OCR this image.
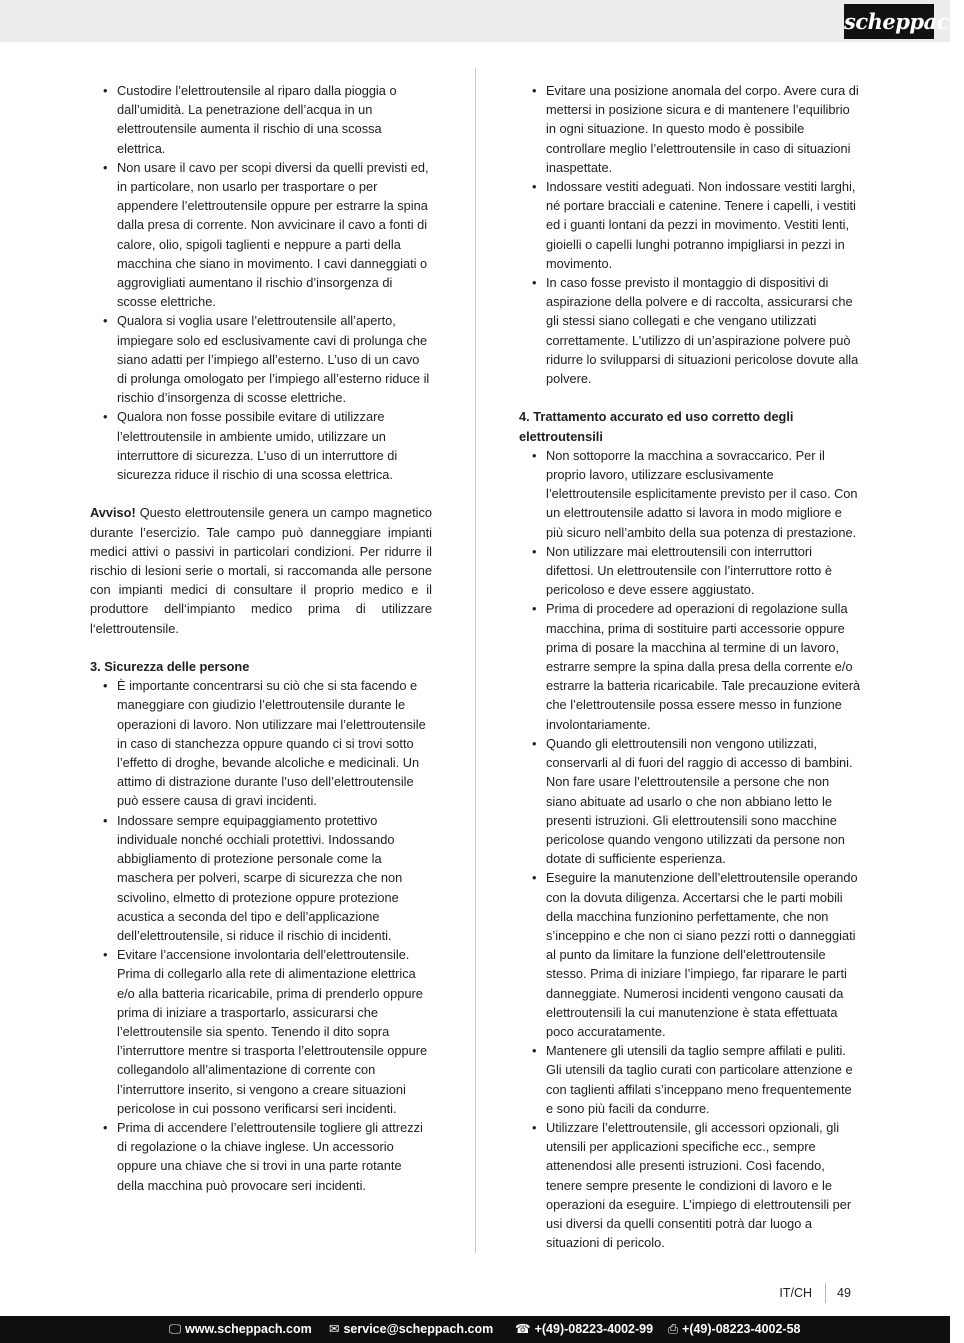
scheppach
• Custodire l’elettroutensile al riparo dalla pioggia o dall’umidità. La penetrazione dell’acqua in un elettroutensile aumenta il rischio di una scossa elettrica.
• Non usare il cavo per scopi diversi da quelli previsti ed, in particolare, non usarlo per trasportare o per appendere l’elettroutensile oppure per estrarre la spina dalla presa di corrente. Non avvicinare il cavo a fonti di calore, olio, spigoli taglienti e neppure a parti della macchina che siano in movimento. I cavi danneggiati o aggrovigliati aumentano il rischio d’insorgenza di scosse elettriche.
• Qualora si voglia usare l’elettroutensile all’aperto, impiegare solo ed esclusivamente cavi di prolunga che siano adatti per l’impiego all’esterno. L’uso di un cavo di prolunga omologato per l’impiego all’esterno riduce il rischio d’insorgenza di scosse elettriche.
• Qualora non fosse possibile evitare di utilizzare l’elettroutensile in ambiente umido, utilizzare un interruttore di sicurezza. L’uso di un interruttore di sicurezza riduce il rischio di una scossa elettrica.

Avviso! Questo elettroutensile genera un campo magnetico durante l’esercizio. Tale campo può danneggiare impianti medici attivi o passivi in particolari condizioni. Per ridurre il rischio di lesioni serie o mortali, si raccomanda alle persone con impianti medici di consultare il proprio medico e il produttore dell‘impianto medico prima di utilizzare l‘elettroutensile.

3. Sicurezza delle persone
• È importante concentrarsi su ciò che si sta facendo e maneggiare con giudizio l’elettroutensile durante le operazioni di lavoro. Non utilizzare mai l’elettroutensile in caso di stanchezza oppure quando ci si trovi sotto l’effetto di droghe, bevande alcoliche e medicinali. Un attimo di distrazione durante l’uso dell’elettroutensile può essere causa di gravi incidenti.
• Indossare sempre equipaggiamento protettivo individuale nonché occhiali protettivi. Indossando abbigliamento di protezione personale come la maschera per polveri, scarpe di sicurezza che non scivolino, elmetto di protezione oppure protezione acustica a seconda del tipo e dell’applicazione dell’elettroutensile, si riduce il rischio di incidenti.
• Evitare l’accensione involontaria dell’elettroutensile. Prima di collegarlo alla rete di alimentazione elettrica e/o alla batteria ricaricabile, prima di prenderlo oppure prima di iniziare a trasportarlo, assicurarsi che l’elettroutensile sia spento. Tenendo il dito sopra l’interruttore mentre si trasporta l’elettroutensile oppure collegandolo all’alimentazione di corrente con l’interruttore inserito, si vengono a creare situazioni pericolose in cui possono verificarsi seri incidenti.
• Prima di accendere l’elettroutensile togliere gli attrezzi di regolazione o la chiave inglese. Un accessorio oppure una chiave che si trovi in una parte rotante della macchina può provocare seri incidenti.
• Evitare una posizione anomala del corpo. Avere cura di mettersi in posizione sicura e di mantenere l’equilibrio in ogni situazione. In questo modo è possibile controllare meglio l’elettroutensile in caso di situazioni inaspettate.
• Indossare vestiti adeguati. Non indossare vestiti larghi, né portare bracciali e catenine. Tenere i capelli, i vestiti ed i guanti lontani da pezzi in movimento. Vestiti lenti, gioielli o capelli lunghi potranno impigliarsi in pezzi in movimento.
• In caso fosse previsto il montaggio di dispositivi di aspirazione della polvere e di raccolta, assicurarsi che gli stessi siano collegati e che vengano utilizzati correttamente. L’utilizzo di un’aspirazione polvere può ridurre lo svilupparsi di situazioni pericolose dovute alla polvere.
4. Trattamento accurato ed uso corretto degli elettroutensili
• Non sottoporre la macchina a sovraccarico. Per il proprio lavoro, utilizzare esclusivamente l’elettroutensile esplicitamente previsto per il caso. Con un elettroutensile adatto si lavora in modo migliore e più sicuro nell’ambito della sua potenza di prestazione.
• Non utilizzare mai elettroutensili con interruttori difettosi. Un elettroutensile con l’interruttore rotto è pericoloso e deve essere aggiustato.
• Prima di procedere ad operazioni di regolazione sulla macchina, prima di sostituire parti accessorie oppure prima di posare la macchina al termine di un lavoro, estrarre sempre la spina dalla presa della corrente e/o estrarre la batteria ricaricabile. Tale precauzione eviterà che l’elettroutensile possa essere messo in funzione involontariamente.
• Quando gli elettroutensili non vengono utilizzati, conservarli al di fuori del raggio di accesso di bambini. Non fare usare l’elettroutensile a persone che non siano abituate ad usarlo o che non abbiano letto le presenti istruzioni. Gli elettroutensili sono macchine pericolose quando vengono utilizzati da persone non dotate di sufficiente esperienza.
• Eseguire la manutenzione dell’elettroutensile operando con la dovuta diligenza. Accertarsi che le parti mobili della macchina funzionino perfettamente, che non s’inceppino e che non ci siano pezzi rotti o danneggiati al punto da limitare la funzione dell’elettroutensile stesso. Prima di iniziare l’impiego, far riparare le parti danneggiate. Numerosi incidenti vengono causati da elettroutensili la cui manutenzione è stata effettuata poco accuratamente.
• Mantenere gli utensili da taglio sempre affilati e puliti. Gli utensili da taglio curati con particolare attenzione e con taglienti affilati s’inceppano meno frequentemente e sono più facili da condurre.
• Utilizzare l’elettroutensile, gli accessori opzionali, gli utensili per applicazioni specifiche ecc., sempre attenendosi alle presenti istruzioni. Così facendo, tenere sempre presente le condizioni di lavoro e le operazioni da eseguire. L’impiego di elettroutensili per usi diversi da quelli consentiti potrà dar luogo a situazioni di pericolo.
IT/CH 49
🖵 www.scheppach.com ✉ service@scheppach.com ☎ +(49)-08223-4002-99 ⎙ +(49)-08223-4002-58
